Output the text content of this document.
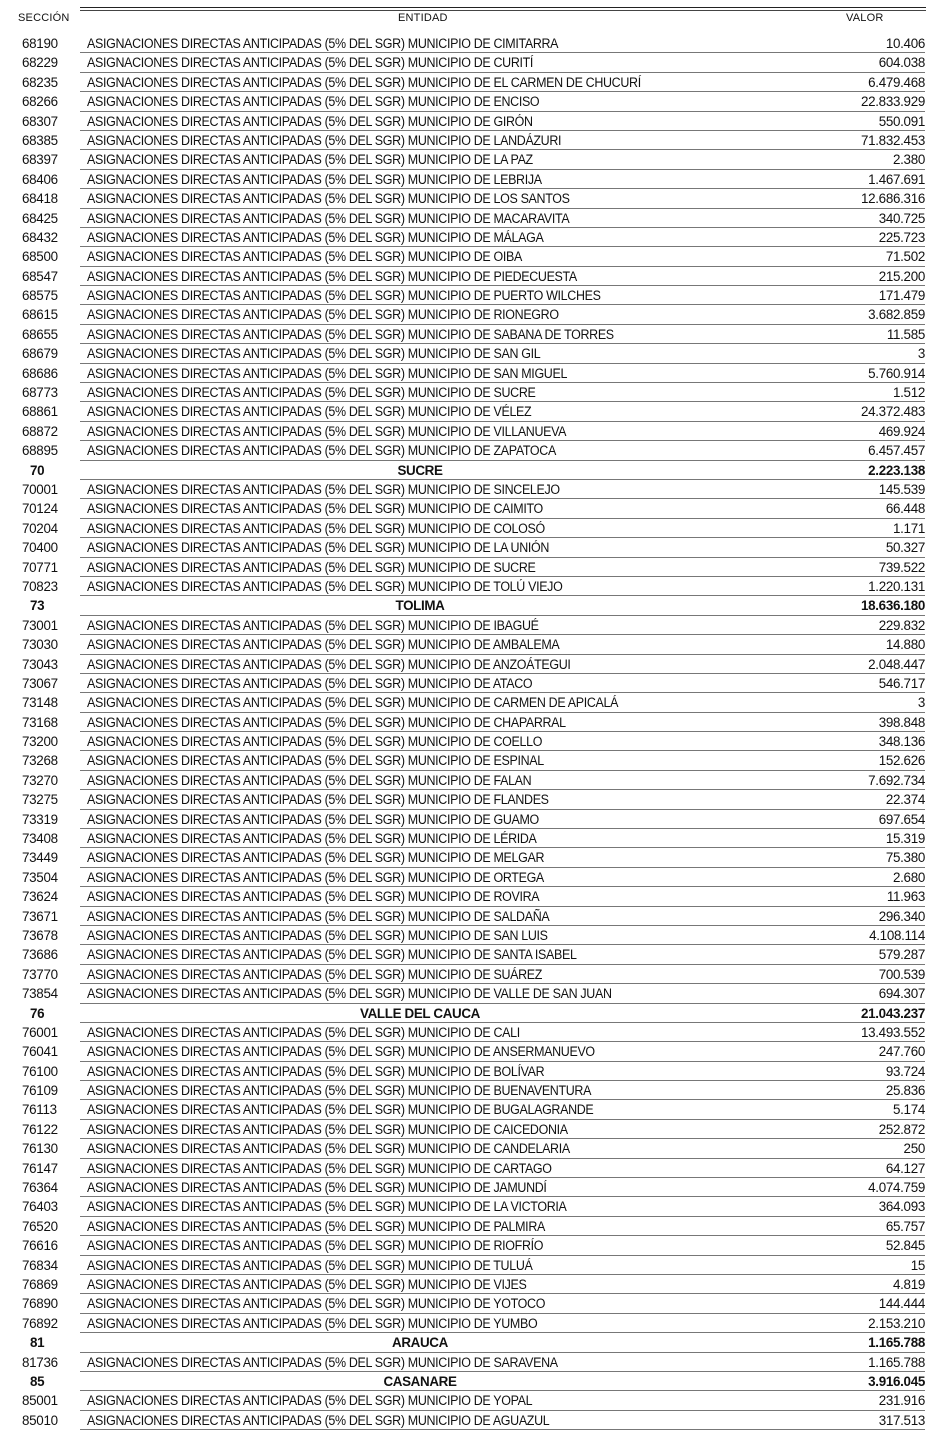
SECCIÓN	ENTIDAD	VALOR
68190	ASIGNACIONES DIRECTAS ANTICIPADAS (5% DEL SGR) MUNICIPIO DE CIMITARRA	10.406
68229	ASIGNACIONES DIRECTAS ANTICIPADAS (5% DEL SGR) MUNICIPIO DE CURITÍ	604.038
68235	ASIGNACIONES DIRECTAS ANTICIPADAS (5% DEL SGR) MUNICIPIO DE EL CARMEN DE CHUCURÍ	6.479.468
68266	ASIGNACIONES DIRECTAS ANTICIPADAS (5% DEL SGR) MUNICIPIO DE ENCISO	22.833.929
68307	ASIGNACIONES DIRECTAS ANTICIPADAS (5% DEL SGR) MUNICIPIO DE GIRÓN	550.091
68385	ASIGNACIONES DIRECTAS ANTICIPADAS (5% DEL SGR) MUNICIPIO DE LANDÁZURI	71.832.453
68397	ASIGNACIONES DIRECTAS ANTICIPADAS (5% DEL SGR) MUNICIPIO DE LA PAZ	2.380
68406	ASIGNACIONES DIRECTAS ANTICIPADAS (5% DEL SGR) MUNICIPIO DE LEBRIJA	1.467.691
68418	ASIGNACIONES DIRECTAS ANTICIPADAS (5% DEL SGR) MUNICIPIO DE LOS SANTOS	12.686.316
68425	ASIGNACIONES DIRECTAS ANTICIPADAS (5% DEL SGR) MUNICIPIO DE MACARAVITA	340.725
68432	ASIGNACIONES DIRECTAS ANTICIPADAS (5% DEL SGR) MUNICIPIO DE MÁLAGA	225.723
68500	ASIGNACIONES DIRECTAS ANTICIPADAS (5% DEL SGR) MUNICIPIO DE OIBA	71.502
68547	ASIGNACIONES DIRECTAS ANTICIPADAS (5% DEL SGR) MUNICIPIO DE PIEDECUESTA	215.200
68575	ASIGNACIONES DIRECTAS ANTICIPADAS (5% DEL SGR) MUNICIPIO DE PUERTO WILCHES	171.479
68615	ASIGNACIONES DIRECTAS ANTICIPADAS (5% DEL SGR) MUNICIPIO DE RIONEGRO	3.682.859
68655	ASIGNACIONES DIRECTAS ANTICIPADAS (5% DEL SGR) MUNICIPIO DE SABANA DE TORRES	11.585
68679	ASIGNACIONES DIRECTAS ANTICIPADAS (5% DEL SGR) MUNICIPIO DE SAN GIL	3
68686	ASIGNACIONES DIRECTAS ANTICIPADAS (5% DEL SGR) MUNICIPIO DE SAN MIGUEL	5.760.914
68773	ASIGNACIONES DIRECTAS ANTICIPADAS (5% DEL SGR) MUNICIPIO DE SUCRE	1.512
68861	ASIGNACIONES DIRECTAS ANTICIPADAS (5% DEL SGR) MUNICIPIO DE VÉLEZ	24.372.483
68872	ASIGNACIONES DIRECTAS ANTICIPADAS (5% DEL SGR) MUNICIPIO DE VILLANUEVA	469.924
68895	ASIGNACIONES DIRECTAS ANTICIPADAS (5% DEL SGR) MUNICIPIO DE ZAPATOCA	6.457.457
70	SUCRE	2.223.138
70001	ASIGNACIONES DIRECTAS ANTICIPADAS (5% DEL SGR) MUNICIPIO DE SINCELEJO	145.539
70124	ASIGNACIONES DIRECTAS ANTICIPADAS (5% DEL SGR) MUNICIPIO DE CAIMITO	66.448
70204	ASIGNACIONES DIRECTAS ANTICIPADAS (5% DEL SGR) MUNICIPIO DE COLOSÓ	1.171
70400	ASIGNACIONES DIRECTAS ANTICIPADAS (5% DEL SGR) MUNICIPIO DE LA UNIÓN	50.327
70771	ASIGNACIONES DIRECTAS ANTICIPADAS (5% DEL SGR) MUNICIPIO DE SUCRE	739.522
70823	ASIGNACIONES DIRECTAS ANTICIPADAS (5% DEL SGR) MUNICIPIO DE TOLÚ VIEJO	1.220.131
73	TOLIMA	18.636.180
73001	ASIGNACIONES DIRECTAS ANTICIPADAS (5% DEL SGR) MUNICIPIO DE IBAGUÉ	229.832
73030	ASIGNACIONES DIRECTAS ANTICIPADAS (5% DEL SGR) MUNICIPIO DE AMBALEMA	14.880
73043	ASIGNACIONES DIRECTAS ANTICIPADAS (5% DEL SGR) MUNICIPIO DE ANZOÁTEGUI	2.048.447
73067	ASIGNACIONES DIRECTAS ANTICIPADAS (5% DEL SGR) MUNICIPIO DE ATACO	546.717
73148	ASIGNACIONES DIRECTAS ANTICIPADAS (5% DEL SGR) MUNICIPIO DE CARMEN DE APICALÁ	3
73168	ASIGNACIONES DIRECTAS ANTICIPADAS (5% DEL SGR) MUNICIPIO DE CHAPARRAL	398.848
73200	ASIGNACIONES DIRECTAS ANTICIPADAS (5% DEL SGR) MUNICIPIO DE COELLO	348.136
73268	ASIGNACIONES DIRECTAS ANTICIPADAS (5% DEL SGR) MUNICIPIO DE ESPINAL	152.626
73270	ASIGNACIONES DIRECTAS ANTICIPADAS (5% DEL SGR) MUNICIPIO DE FALAN	7.692.734
73275	ASIGNACIONES DIRECTAS ANTICIPADAS (5% DEL SGR) MUNICIPIO DE FLANDES	22.374
73319	ASIGNACIONES DIRECTAS ANTICIPADAS (5% DEL SGR) MUNICIPIO DE GUAMO	697.654
73408	ASIGNACIONES DIRECTAS ANTICIPADAS (5% DEL SGR) MUNICIPIO DE LÉRIDA	15.319
73449	ASIGNACIONES DIRECTAS ANTICIPADAS (5% DEL SGR) MUNICIPIO DE MELGAR	75.380
73504	ASIGNACIONES DIRECTAS ANTICIPADAS (5% DEL SGR) MUNICIPIO DE ORTEGA	2.680
73624	ASIGNACIONES DIRECTAS ANTICIPADAS (5% DEL SGR) MUNICIPIO DE ROVIRA	11.963
73671	ASIGNACIONES DIRECTAS ANTICIPADAS (5% DEL SGR) MUNICIPIO DE SALDAÑA	296.340
73678	ASIGNACIONES DIRECTAS ANTICIPADAS (5% DEL SGR) MUNICIPIO DE SAN LUIS	4.108.114
73686	ASIGNACIONES DIRECTAS ANTICIPADAS (5% DEL SGR) MUNICIPIO DE SANTA ISABEL	579.287
73770	ASIGNACIONES DIRECTAS ANTICIPADAS (5% DEL SGR) MUNICIPIO DE SUÁREZ	700.539
73854	ASIGNACIONES DIRECTAS ANTICIPADAS (5% DEL SGR) MUNICIPIO DE VALLE DE SAN JUAN	694.307
76	VALLE DEL CAUCA	21.043.237
76001	ASIGNACIONES DIRECTAS ANTICIPADAS (5% DEL SGR) MUNICIPIO DE CALI	13.493.552
76041	ASIGNACIONES DIRECTAS ANTICIPADAS (5% DEL SGR) MUNICIPIO DE ANSERMANUEVO	247.760
76100	ASIGNACIONES DIRECTAS ANTICIPADAS (5% DEL SGR) MUNICIPIO DE BOLÍVAR	93.724
76109	ASIGNACIONES DIRECTAS ANTICIPADAS (5% DEL SGR) MUNICIPIO DE BUENAVENTURA	25.836
76113	ASIGNACIONES DIRECTAS ANTICIPADAS (5% DEL SGR) MUNICIPIO DE BUGALAGRANDE	5.174
76122	ASIGNACIONES DIRECTAS ANTICIPADAS (5% DEL SGR) MUNICIPIO DE CAICEDONIA	252.872
76130	ASIGNACIONES DIRECTAS ANTICIPADAS (5% DEL SGR) MUNICIPIO DE CANDELARIA	250
76147	ASIGNACIONES DIRECTAS ANTICIPADAS (5% DEL SGR) MUNICIPIO DE CARTAGO	64.127
76364	ASIGNACIONES DIRECTAS ANTICIPADAS (5% DEL SGR) MUNICIPIO DE JAMUNDÍ	4.074.759
76403	ASIGNACIONES DIRECTAS ANTICIPADAS (5% DEL SGR) MUNICIPIO DE LA VICTORIA	364.093
76520	ASIGNACIONES DIRECTAS ANTICIPADAS (5% DEL SGR) MUNICIPIO DE PALMIRA	65.757
76616	ASIGNACIONES DIRECTAS ANTICIPADAS (5% DEL SGR) MUNICIPIO DE RIOFRÍO	52.845
76834	ASIGNACIONES DIRECTAS ANTICIPADAS (5% DEL SGR) MUNICIPIO DE TULUÁ	15
76869	ASIGNACIONES DIRECTAS ANTICIPADAS (5% DEL SGR) MUNICIPIO DE VIJES	4.819
76890	ASIGNACIONES DIRECTAS ANTICIPADAS (5% DEL SGR) MUNICIPIO DE YOTOCO	144.444
76892	ASIGNACIONES DIRECTAS ANTICIPADAS (5% DEL SGR) MUNICIPIO DE YUMBO	2.153.210
81	ARAUCA	1.165.788
81736	ASIGNACIONES DIRECTAS ANTICIPADAS (5% DEL SGR) MUNICIPIO DE SARAVENA	1.165.788
85	CASANARE	3.916.045
85001	ASIGNACIONES DIRECTAS ANTICIPADAS (5% DEL SGR) MUNICIPIO DE YOPAL	231.916
85010	ASIGNACIONES DIRECTAS ANTICIPADAS (5% DEL SGR) MUNICIPIO DE AGUAZUL	317.513
